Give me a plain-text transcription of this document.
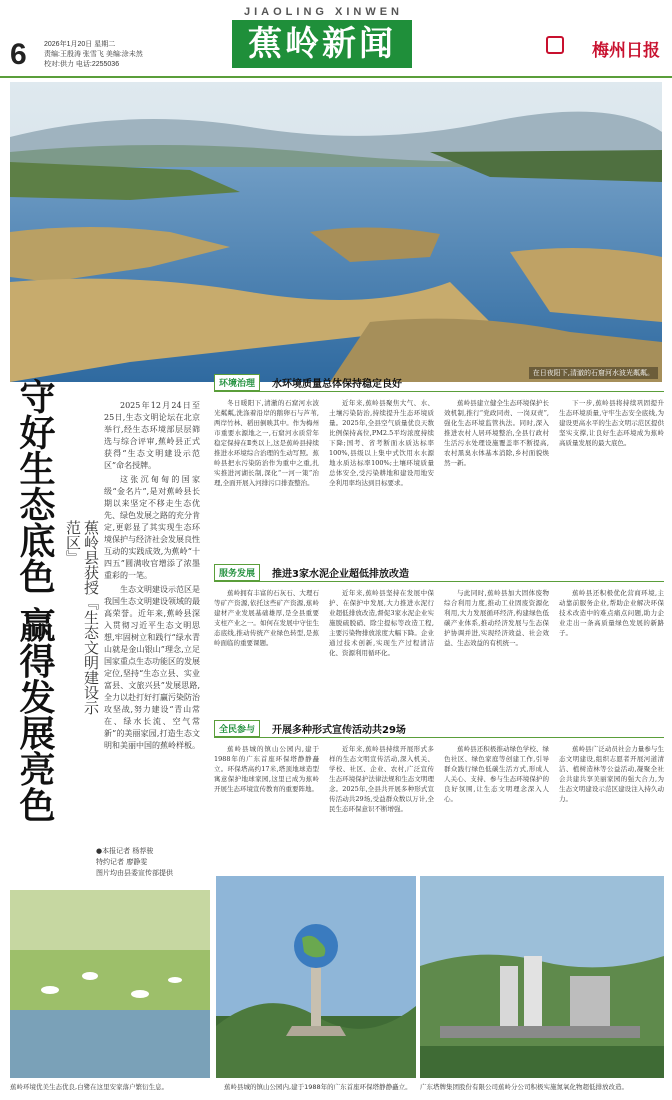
6 2026年1月20日 星期二
责编:王殷涛 张雪飞 美编:涂未然
校对:供力 电话:2255036
JIAOLING XINWEN
蕉岭新闻	梅州日报
在日夜阳下,清澈的石窟河水波光粼粼。
守好生态底色 赢得发展亮色	蕉岭县获授『生态文明建设示范区』

2025年12月24日至25日,生态文明论坛在北京举行,经生态环境部层层筛选与综合评审,蕉岭县正式获得“生态文明建设示范区”命名授牌。

这张沉甸甸的国家级“金名片”,是对蕉岭县长期以来坚定不移走生态优先、绿色发展之路的充分肯定,更彰显了其实现生态环境保护与经济社会发展良性互动的实践成效,为蕉岭“十四五”圆满收官增添了浓墨重彩的一笔。

生态文明建设示范区是我国生态文明建设领域的最高荣誉。近年来,蕉岭县深入贯彻习近平生态文明思想,牢固树立和践行“绿水青山就是金山银山”理念,立足国家重点生态功能区的发展定位,坚持“生态立县、实业富县、文旅兴县”发展思路,全力以赴打好打赢污染防治攻坚战,努力建设“青山常在、绿水长流、空气常新”的美丽家园,打造生态文明和美丽中国的蕉岭样板。

●本报记者 杨荐骏
特约记者 廖静雯
图片均由县委宣传部提供
环境治理	水环境质量总体保持稳定良好

冬日暖阳下,清澈的石窟河水波光粼粼,洗涤着沿岸的鹅卵石与芦苇,两岸竹林、稻田倒映其中。作为梅州市重要水源地之一,石窟河水质常年稳定保持在Ⅱ类以上,这是蕉岭县持续推进水环境综合治理的生动写照。蕉岭县把水污染防治作为重中之重,扎实推进河湖长制,深化“一河一策”治理,全面开展入河排污口排查整治。

近年来,蕉岭县聚焦大气、水、土壤污染防治,持续提升生态环境质量。2025年,全县空气质量优良天数比例保持高位,PM2.5平均浓度持续下降;国考、省考断面水质达标率100%,县级以上集中式饮用水水源地水质达标率100%;土壤环境质量总体安全,受污染耕地和建设用地安全利用率均达到目标要求。

蕉岭县建立健全生态环境保护长效机制,推行“党政同责、一岗双责”,强化生态环境监管执法。同时,深入推进农村人居环境整治,全县行政村生活污水处理设施覆盖率不断提高,农村黑臭水体基本消除,乡村面貌焕然一新。

下一步,蕉岭县将持续巩固提升生态环境质量,守牢生态安全底线,为建设更高水平的生态文明示范区提供坚实支撑,让良好生态环境成为蕉岭高质量发展的最大底色。

服务发展	推进3家水泥企业超低排放改造

蕉岭拥有丰富的石灰石、大理石等矿产资源,依托这些矿产资源,蕉岭建材产业发展基础雄厚,是全县重要支柱产业之一。如何在发展中守住生态底线,推动传统产业绿色转型,是蕉岭面临的重要课题。

近年来,蕉岭县坚持在发展中保护、在保护中发展,大力推进水泥行业超低排放改造,督促3家水泥企业实施脱硫脱硝、除尘提标等改造工程,主要污染物排放浓度大幅下降。企业通过技术创新,实现生产过程清洁化、资源利用循环化。

与此同时,蕉岭县加大固体废物综合利用力度,推动工业固废资源化利用,大力发展循环经济,构建绿色低碳产业体系,推动经济发展与生态保护协调并进,实现经济效益、社会效益、生态效益的有机统一。

蕉岭县还积极优化营商环境,主动靠前服务企业,帮助企业解决环保技术改造中的难点痛点问题,助力企业走出一条高质量绿色发展的新路子。

全民参与	开展多种形式宣传活动共29场

蕉岭县城的镇山公园内,建于1988年的广东首座环保塔静静矗立。环保塔高约17米,塔顶地球造型寓意保护地球家园,这里已成为蕉岭开展生态环境宣传教育的重要阵地。

近年来,蕉岭县持续开展形式多样的生态文明宣传活动,深入机关、学校、社区、企业、农村,广泛宣传生态环境保护法律法规和生态文明理念。2025年,全县共开展多种形式宣传活动共29场,受益群众数以万计,全民生态环保意识不断增强。

蕉岭县还积极推动绿色学校、绿色社区、绿色家庭等创建工作,引导群众践行绿色低碳生活方式,形成人人关心、支持、参与生态环境保护的良好氛围,让生态文明理念深入人心。

蕉岭县广泛动员社会力量参与生态文明建设,组织志愿者开展河道清洁、植树造林等公益活动,凝聚全社会共建共享美丽家园的强大合力,为生态文明建设示范区建设注入持久动力。

蕉岭环境优美生态优良,白鹭在这里安家落户繁衍生息。	蕉岭县城的镇山公园内,建于1988年的广东首座环保塔静静矗立。	广东塔牌集团股份有限公司蕉岭分公司积极实施氮氧化物超低排放改造。
